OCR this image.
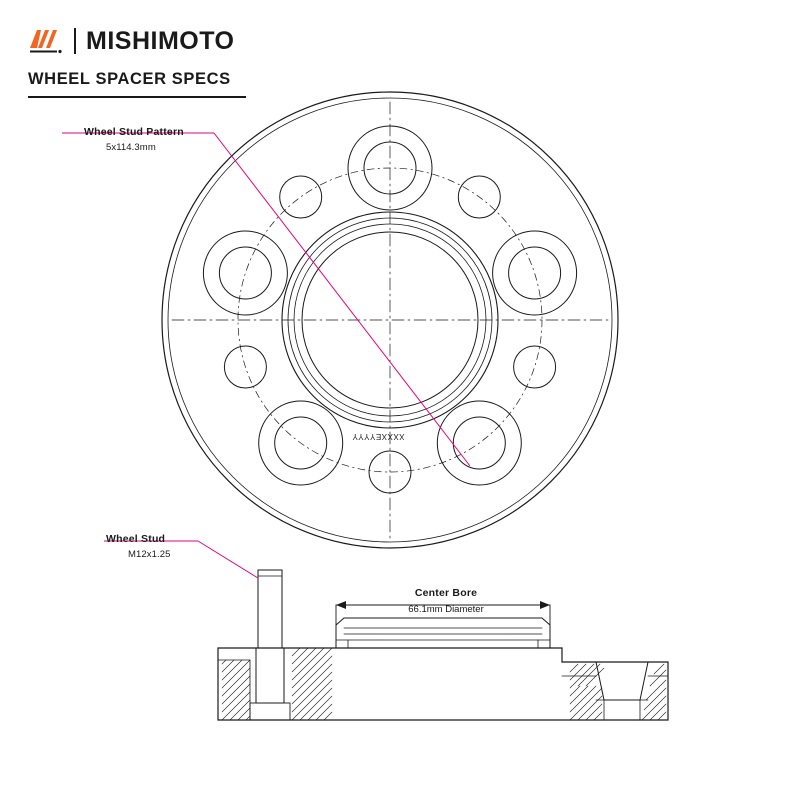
MISHIMOTO
WHEEL SPACER SPECS
Wheel Stud Pattern
5x114.3mm
Wheel Stud
M12x1.25
Center Bore
66.1mm Diameter
XXXXEYYYY
